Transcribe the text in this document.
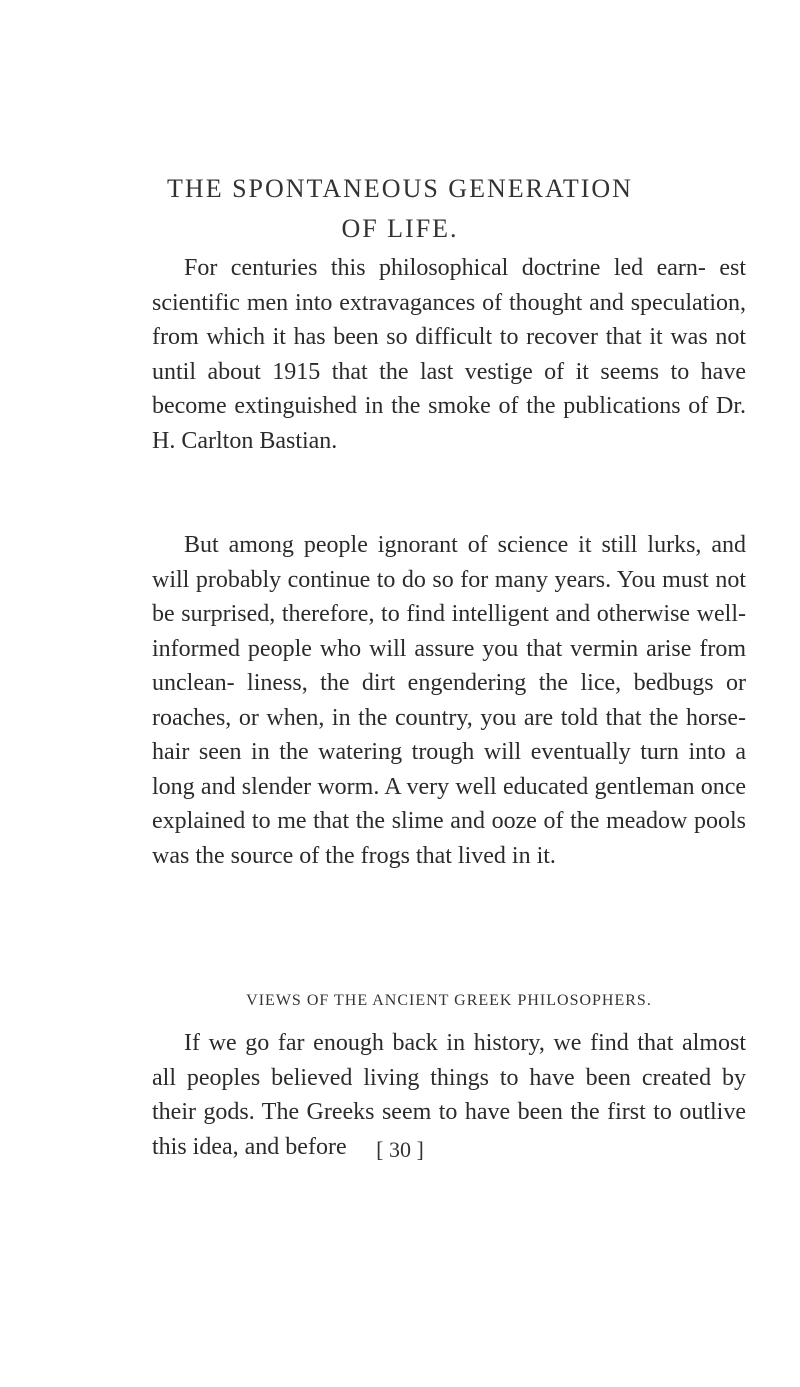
THE SPONTANEOUS GENERATION
OF LIFE.

For centuries this philosophical doctrine led earn- est scientific men into extravagances of thought and speculation, from which it has been so difficult to recover that it was not until about 1915 that the last vestige of it seems to have become extinguished in the smoke of the publications of Dr. H. Carlton Bastian.

But among people ignorant of science it still lurks, and will probably continue to do so for many years. You must not be surprised, therefore, to find intelligent and otherwise well-informed people who will assure you that vermin arise from unclean- liness, the dirt engendering the lice, bedbugs or roaches, or when, in the country, you are told that the horse-hair seen in the watering trough will eventually turn into a long and slender worm. A very well educated gentleman once explained to me that the slime and ooze of the meadow pools was the source of the frogs that lived in it.

VIEWS OF THE ANCIENT GREEK PHILOSOPHERS.

If we go far enough back in history, we find that almost all peoples believed living things to have been created by their gods. The Greeks seem to have been the first to outlive this idea, and before	[ 30 ]
